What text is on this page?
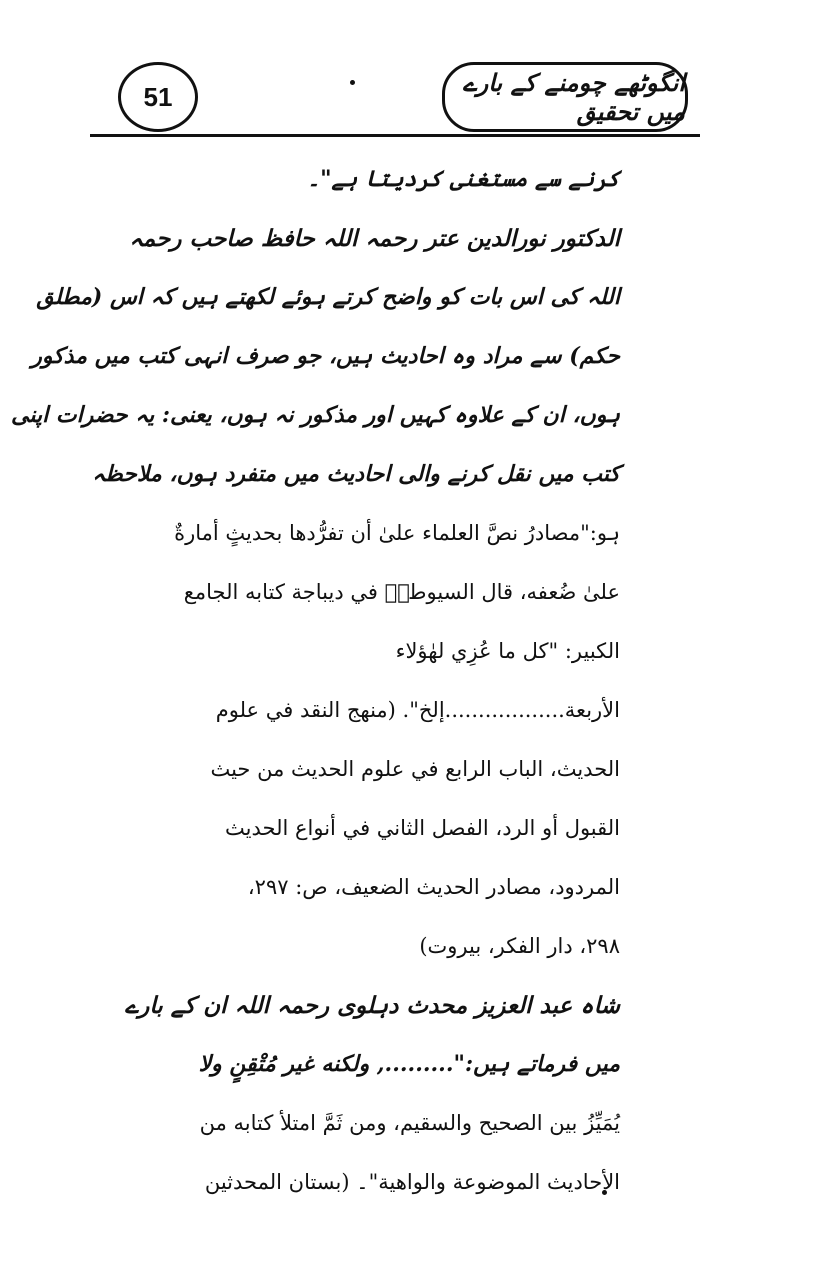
51	انگوٹھے چومنے کے بارے میں تحقیق
کرنے سے مستغنی کردیتا ہے"۔
الدکتور نورالدین عتر رحمہ اللہ حافظ صاحب رحمہ
اللہ کی اس بات کو واضح کرتے ہوئے لکھتے ہیں کہ اس (مطلق
حکم) سے مراد وہ احادیث ہیں، جو صرف انہی کتب میں مذکور
ہوں، ان کے علاوہ کہیں اور مذکور نہ ہوں، یعنی: یہ حضرات اپنی
کتب میں نقل کرنے والی احادیث میں متفرد ہوں، ملاحظہ
ہو:"مصادرُ نصَّ العلماء علىٰ أن تفرُّدها بحديثٍ أمارةٌ
علىٰ ضُعفه، قال السيوطيؒ في ديباجة كتابه الجامع
الكبير: "كل ما عُزِي لهٰؤلاء
الأربعة..................إلخ". (منهج النقد في علوم
الحديث، الباب الرابع في علوم الحديث من حيث
القبول أو الرد، الفصل الثاني في أنواع الحديث
المردود، مصادر الحديث الضعيف، ص: ٢٩٧،
٢٩٨، دار الفكر، بيروت)
شاہ عبد العزیز محدث دہلوی رحمہ اللہ ان کے بارے
میں فرماتے ہیں:"........., ولكنه غير مُتْقِنٍ ولا
يُمَيِّزُ بين الصحيح والسقيم، ومن ثَمَّ امتلأ كتابه من
الأحاديث الموضوعة والواهية"۔ (بستان المحدثين
